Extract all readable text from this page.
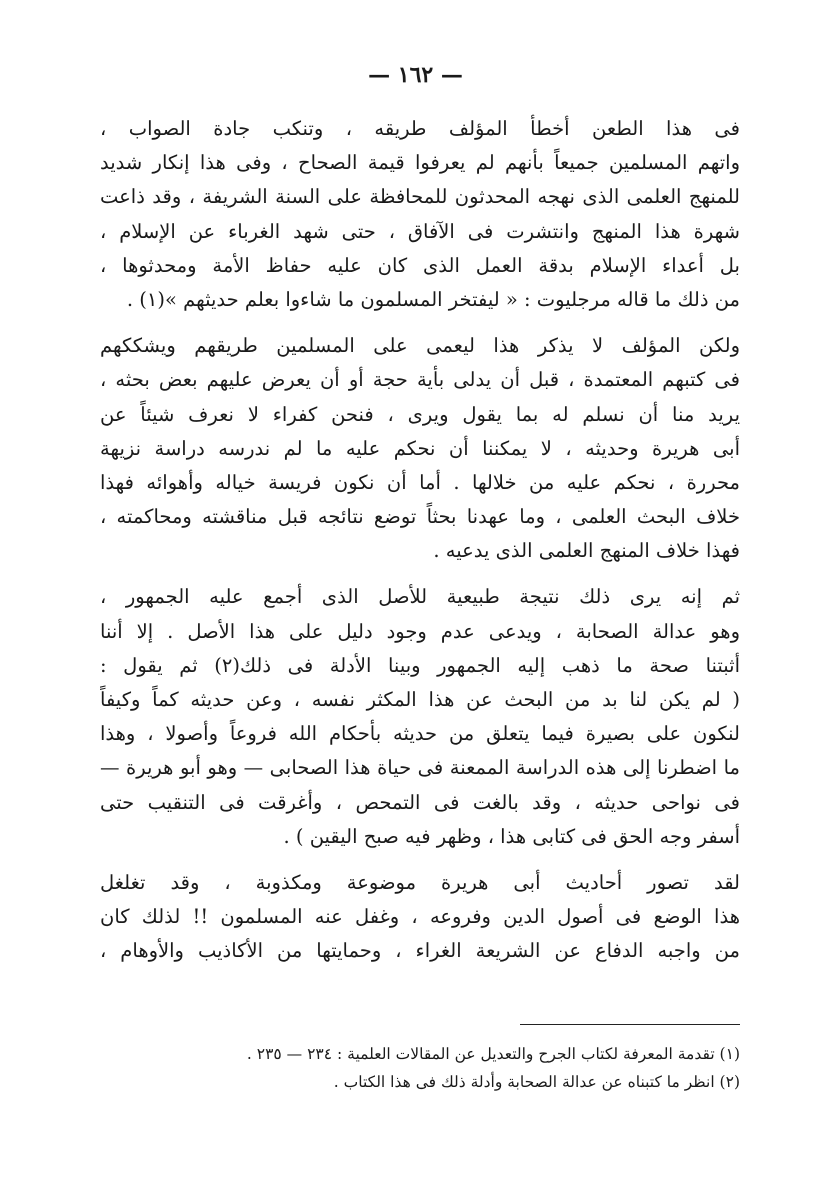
— ١٦٢ —
فى هذا الطعن أخطأ المؤلف طريقه ، وتنكب جادة الصواب ،
واتهم المسلمين جميعاً بأنهم لم يعرفوا قيمة الصحاح ، وفى هذا إنكار شديد
للمنهج العلمى الذى نهجه المحدثون للمحافظة على السنة الشريفة ، وقد ذاعت
شهرة هذا المنهج وانتشرت فى الآفاق ، حتى شهد الغرباء عن الإسلام ،
بل أعداء الإسلام بدقة العمل الذى كان عليه حفاظ الأمة ومحدثوها ،
من ذلك ما قاله مرجليوت : « ليفتخر المسلمون ما شاءوا بعلم حديثهم »(١) .
ولكن المؤلف لا يذكر هذا ليعمى على المسلمين طريقهم ويشككهم
فى كتبهم المعتمدة ، قبل أن يدلى بأية حجة أو أن يعرض عليهم بعض بحثه ،
يريد منا أن نسلم له بما يقول ويرى ، فنحن كفراء لا نعرف شيئاً عن
أبى هريرة وحديثه ، لا يمكننا أن نحكم عليه ما لم ندرسه دراسة نزيهة
محررة ، نحكم عليه من خلالها . أما أن نكون فريسة خياله وأهوائه فهذا
خلاف البحث العلمى ، وما عهدنا بحثاً توضع نتائجه قبل مناقشته ومحاكمته ،
فهذا خلاف المنهج العلمى الذى يدعيه .
ثم إنه يرى ذلك نتيجة طبيعية للأصل الذى أجمع عليه الجمهور ،
وهو عدالة الصحابة ، ويدعى عدم وجود دليل على هذا الأصل . إلا أننا
أثبتنا صحة ما ذهب إليه الجمهور وبينا الأدلة فى ذلك(٢) ثم يقول :
( لم يكن لنا بد من البحث عن هذا المكثر نفسه ، وعن حديثه كماً وكيفاً
لنكون على بصيرة فيما يتعلق من حديثه بأحكام الله فروعاً وأصولا ، وهذا
ما اضطرنا إلى هذه الدراسة الممعنة فى حياة هذا الصحابى — وهو أبو هريرة —
فى نواحى حديثه ، وقد بالغت فى التمحص ، وأغرقت فى التنقيب حتى
أسفر وجه الحق فى كتابى هذا ، وظهر فيه صبح اليقين ) .
لقد تصور أحاديث أبى هريرة موضوعة ومكذوبة ، وقد تغلغل
هذا الوضع فى أصول الدين وفروعه ، وغفل عنه المسلمون !! لذلك كان
من واجبه الدفاع عن الشريعة الغراء ، وحمايتها من الأكاذيب والأوهام ،
(١) تقدمة المعرفة لكتاب الجرح والتعديل عن المقالات العلمية : ٢٣٤ — ٢٣٥ .
(٢) انظر ما كتبناه عن عدالة الصحابة وأدلة ذلك فى هذا الكتاب .
